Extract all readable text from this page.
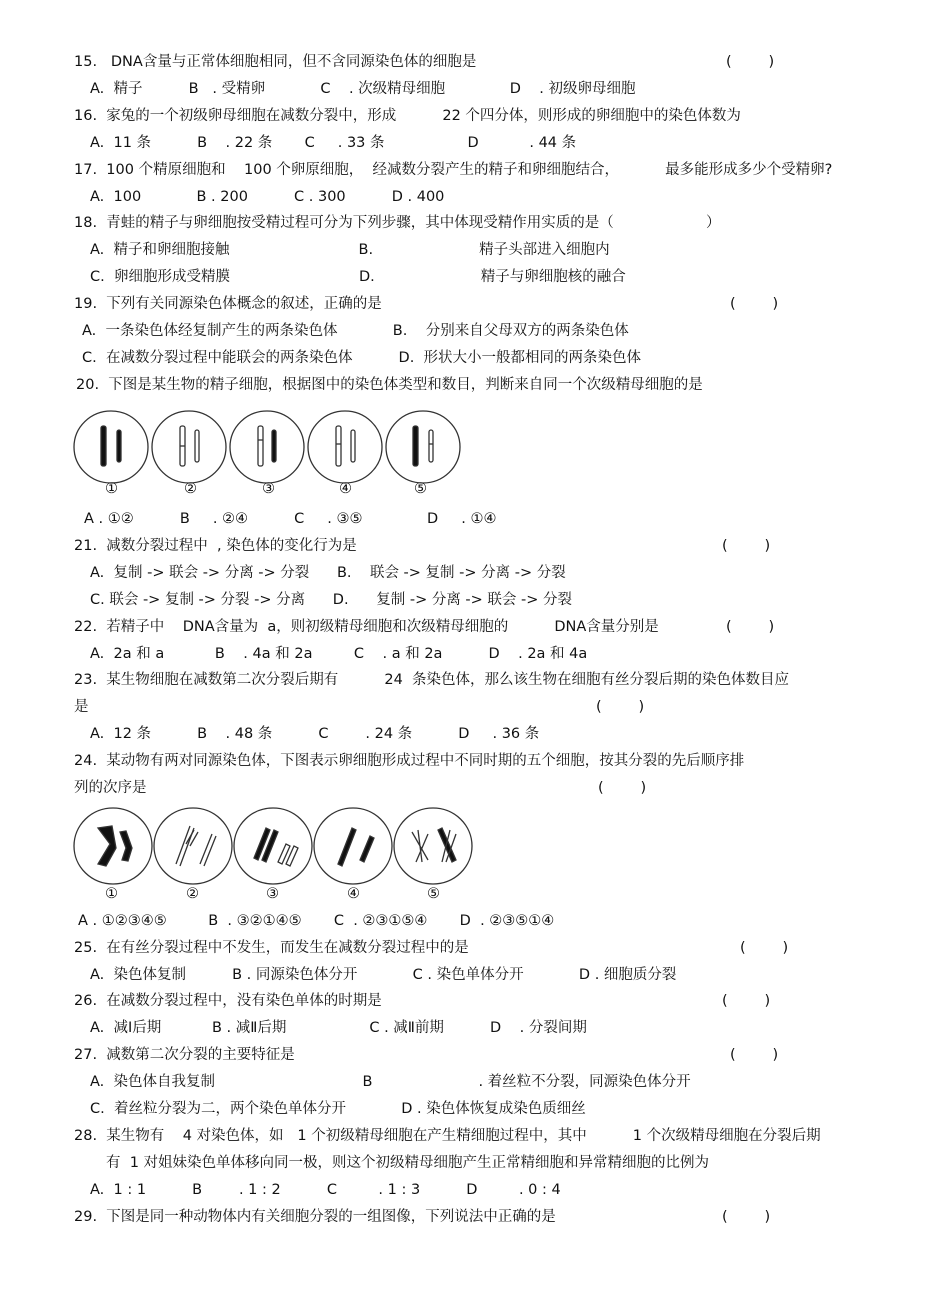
15.   DNA含量与正常体细胞相同，但不含同源染色体的细胞是	(        )
A.  精子          B   . 受精卵            C    . 次级精母细胞              D    . 初级卵母细胞
16.  家兔的一个初级卵母细胞在减数分裂中，形成          22 个四分体，则形成的卵细胞中的染色体数为
A.  11 条          B    . 22 条       C     . 33 条                  D           . 44 条
17.  100 个精原细胞和    100 个卵原细胞，  经减数分裂产生的精子和卵细胞结合，          最多能形成多少个受精卵?
A.  100            B . 200          C . 300          D . 400
18.  青蛙的精子与卵细胞按受精过程可分为下列步骤，其中体现受精作用实质的是（                    ）
A.  精子和卵细胞接触                            B.                       精子头部进入细胞内
C.  卵细胞形成受精膜                            D.                       精子与卵细胞核的融合
19.  下列有关同源染色体概念的叙述，正确的是	(        )
A.  一条染色体经复制产生的两条染色体            B.    分别来自父母双方的两条染色体
C.  在减数分裂过程中能联会的两条染色体          D.  形状大小一般都相同的两条染色体
20.  下图是某生物的精子细胞，根据图中的染色体类型和数目，判断来自同一个次级精母细胞的是
①	②	③	④	⑤
A . ①②          B     . ②④          C     . ③⑤              D     . ①④
21.  减数分裂过程中  , 染色体的变化行为是	(        )
A.  复制 -> 联会 -> 分离 -> 分裂      B.    联会 -> 复制 -> 分离 -> 分裂
C. 联会 -> 复制 -> 分裂 -> 分离      D.      复制 -> 分离 -> 联会 -> 分裂
22.  若精子中    DNA含量为  a，则初级精母细胞和次级精母细胞的          DNA含量分别是	(        )
A.  2a 和 a           B    . 4a 和 2a         C    . a 和 2a          D    . 2a 和 4a
23.  某生物细胞在减数第二次分裂后期有          24  条染色体，那么该生物在细胞有丝分裂后期的染色体数目应
是	(        )
A.  12 条          B    . 48 条          C        . 24 条          D     . 36 条
24.  某动物有两对同源染色体，下图表示卵细胞形成过程中不同时期的五个细胞，按其分裂的先后顺序排
列的次序是	(        )
①	②	③	④	⑤
A . ①②③④⑤         B  . ③②①④⑤       C  . ②③①⑤④       D  . ②③⑤①④
25.  在有丝分裂过程中不发生，而发生在减数分裂过程中的是	(        )
A.  染色体复制          B . 同源染色体分开            C . 染色单体分开            D . 细胞质分裂
26.  在减数分裂过程中，没有染色单体的时期是	(        )
A.  减Ⅰ后期           B . 减Ⅱ后期                  C . 减Ⅱ前期          D    . 分裂间期
27.  减数第二次分裂的主要特征是	(        )
A.  染色体自我复制                                B                       . 着丝粒不分裂，同源染色体分开
C.  着丝粒分裂为二，两个染色单体分开            D . 染色体恢复成染色质细丝
28.  某生物有    4 对染色体，如   1 个初级精母细胞在产生精细胞过程中，其中          1 个次级精母细胞在分裂后期
有  1 对姐妹染色单体移向同一极，则这个初级精母细胞产生正常精细胞和异常精细胞的比例为
A.  1 : 1          B        . 1 : 2          C         . 1 : 3          D         . 0 : 4
29.  下图是同一种动物体内有关细胞分裂的一组图像，下列说法中正确的是	(        )
